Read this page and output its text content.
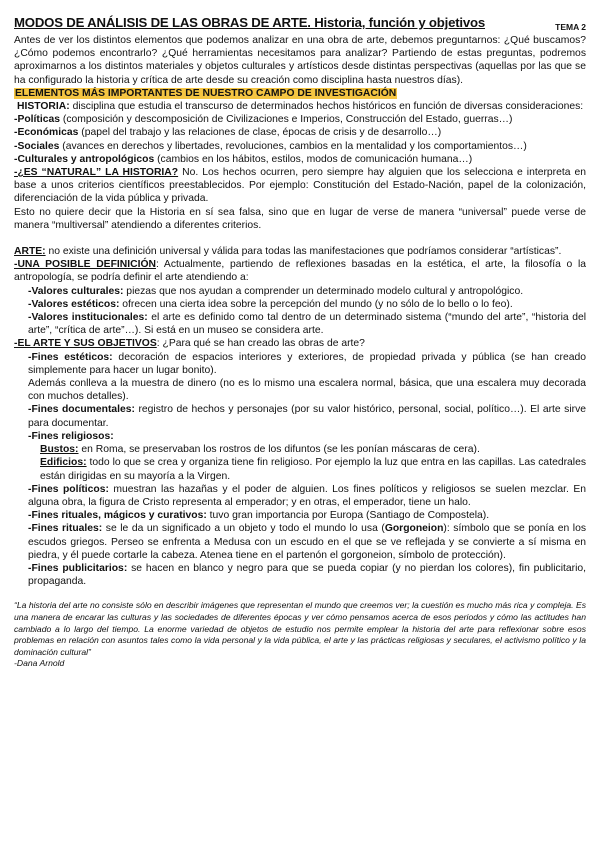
MODOS DE ANÁLISIS DE LAS OBRAS DE ARTE. Historia, función y objetivos	TEMA 2

Antes de ver los distintos elementos que podemos analizar en una obra de arte, debemos preguntarnos: ¿Qué buscamos? ¿Cómo podemos encontrarlo? ¿Qué herramientas necesitamos para analizar? Partiendo de estas preguntas, podremos aproximarnos a los distintos materiales y objetos culturales y artísticos desde distintas perspectivas (aquellas por las que se ha configurado la historia y crítica de arte desde su creación como disciplina hasta nuestros días).

ELEMENTOS MÁS IMPORTANTES DE NUESTRO CAMPO DE INVESTIGACIÓN

HISTORIA: disciplina que estudia el transcurso de determinados hechos históricos en función de diversas consideraciones:

-Políticas (composición y descomposición de Civilizaciones e Imperios, Construcción del Estado, guerras…)
-Económicas (papel del trabajo y las relaciones de clase, épocas de crisis y de desarrollo…)
-Sociales (avances en derechos y libertades, revoluciones, cambios en la mentalidad y los comportamientos…)
-Culturales y antropológicos (cambios en los hábitos, estilos, modos de comunicación humana…)

-¿ES “NATURAL” LA HISTORIA? No. Los hechos ocurren, pero siempre hay alguien que los selecciona e interpreta en base a unos criterios científicos preestablecidos. Por ejemplo: Constitución del Estado-Nación, papel de la colonización, diferenciación de la vida pública y privada.

Esto no quiere decir que la Historia en sí sea falsa, sino que en lugar de verse de manera “universal” puede verse de manera “multiversal” atendiendo a diferentes criterios.

ARTE: no existe una definición universal y válida para todas las manifestaciones que podríamos considerar “artísticas”.

-UNA POSIBLE DEFINICIÓN: Actualmente, partiendo de reflexiones basadas en la estética, el arte, la filosofía o la antropología, se podría definir el arte atendiendo a:

-Valores culturales: piezas que nos ayudan a comprender un determinado modelo cultural y antropológico.

-Valores estéticos: ofrecen una cierta idea sobre la percepción del mundo (y no sólo de lo bello o lo feo).

-Valores institucionales: el arte es definido como tal dentro de un determinado sistema (“mundo del arte”, “historia del arte”, “crítica de arte”…). Si está en un museo se considera arte.

-EL ARTE Y SUS OBJETIVOS: ¿Para qué se han creado las obras de arte?

-Fines estéticos: decoración de espacios interiores y exteriores, de propiedad privada y pública (se han creado simplemente para hacer un lugar bonito).

Además conlleva a la muestra de dinero (no es lo mismo una escalera normal, básica, que una escalera muy decorada con muchos detalles).

-Fines documentales: registro de hechos y personajes (por su valor histórico, personal, social, político…). El arte sirve para documentar.

-Fines religiosos:

Bustos: en Roma, se preservaban los rostros de los difuntos (se les ponían máscaras de cera).

Edificios: todo lo que se crea y organiza tiene fin religioso. Por ejemplo la luz que entra en las capillas. Las catedrales están dirigidas en su mayoría a la Virgen.

-Fines políticos: muestran las hazañas y el poder de alguien. Los fines políticos y religiosos se suelen mezclar. En alguna obra, la figura de Cristo representa al emperador; y en otras, el emperador, tiene un halo.

-Fines rituales, mágicos y curativos: tuvo gran importancia por Europa (Santiago de Compostela).

-Fines rituales: se le da un significado a un objeto y todo el mundo lo usa (Gorgoneion): símbolo que se ponía en los escudos griegos. Perseo se enfrenta a Medusa con un escudo en el que se ve reflejada y se convierte a sí misma en piedra, y él puede cortarle la cabeza. Atenea tiene en el partenón el gorgoneion, símbolo de protección).

-Fines publicitarios: se hacen en blanco y negro para que se pueda copiar (y no pierdan los colores), fin publicitario, propaganda.

“La historia del arte no consiste sólo en describir imágenes que representan el mundo que creemos ver; la cuestión es mucho más rica y compleja. Es una manera de encarar las culturas y las sociedades de diferentes épocas y ver cómo pensamos acerca de esos periodos y cómo las actitudes han cambiado a lo largo del tiempo. La enorme variedad de objetos de estudio nos permite emplear la historia del arte para reflexionar sobre esos problemas en relación con asuntos tales como la vida personal y la vida pública, el arte y las prácticas religiosas y seculares, el activismo político y la dominación cultural”

-Dana Arnold
